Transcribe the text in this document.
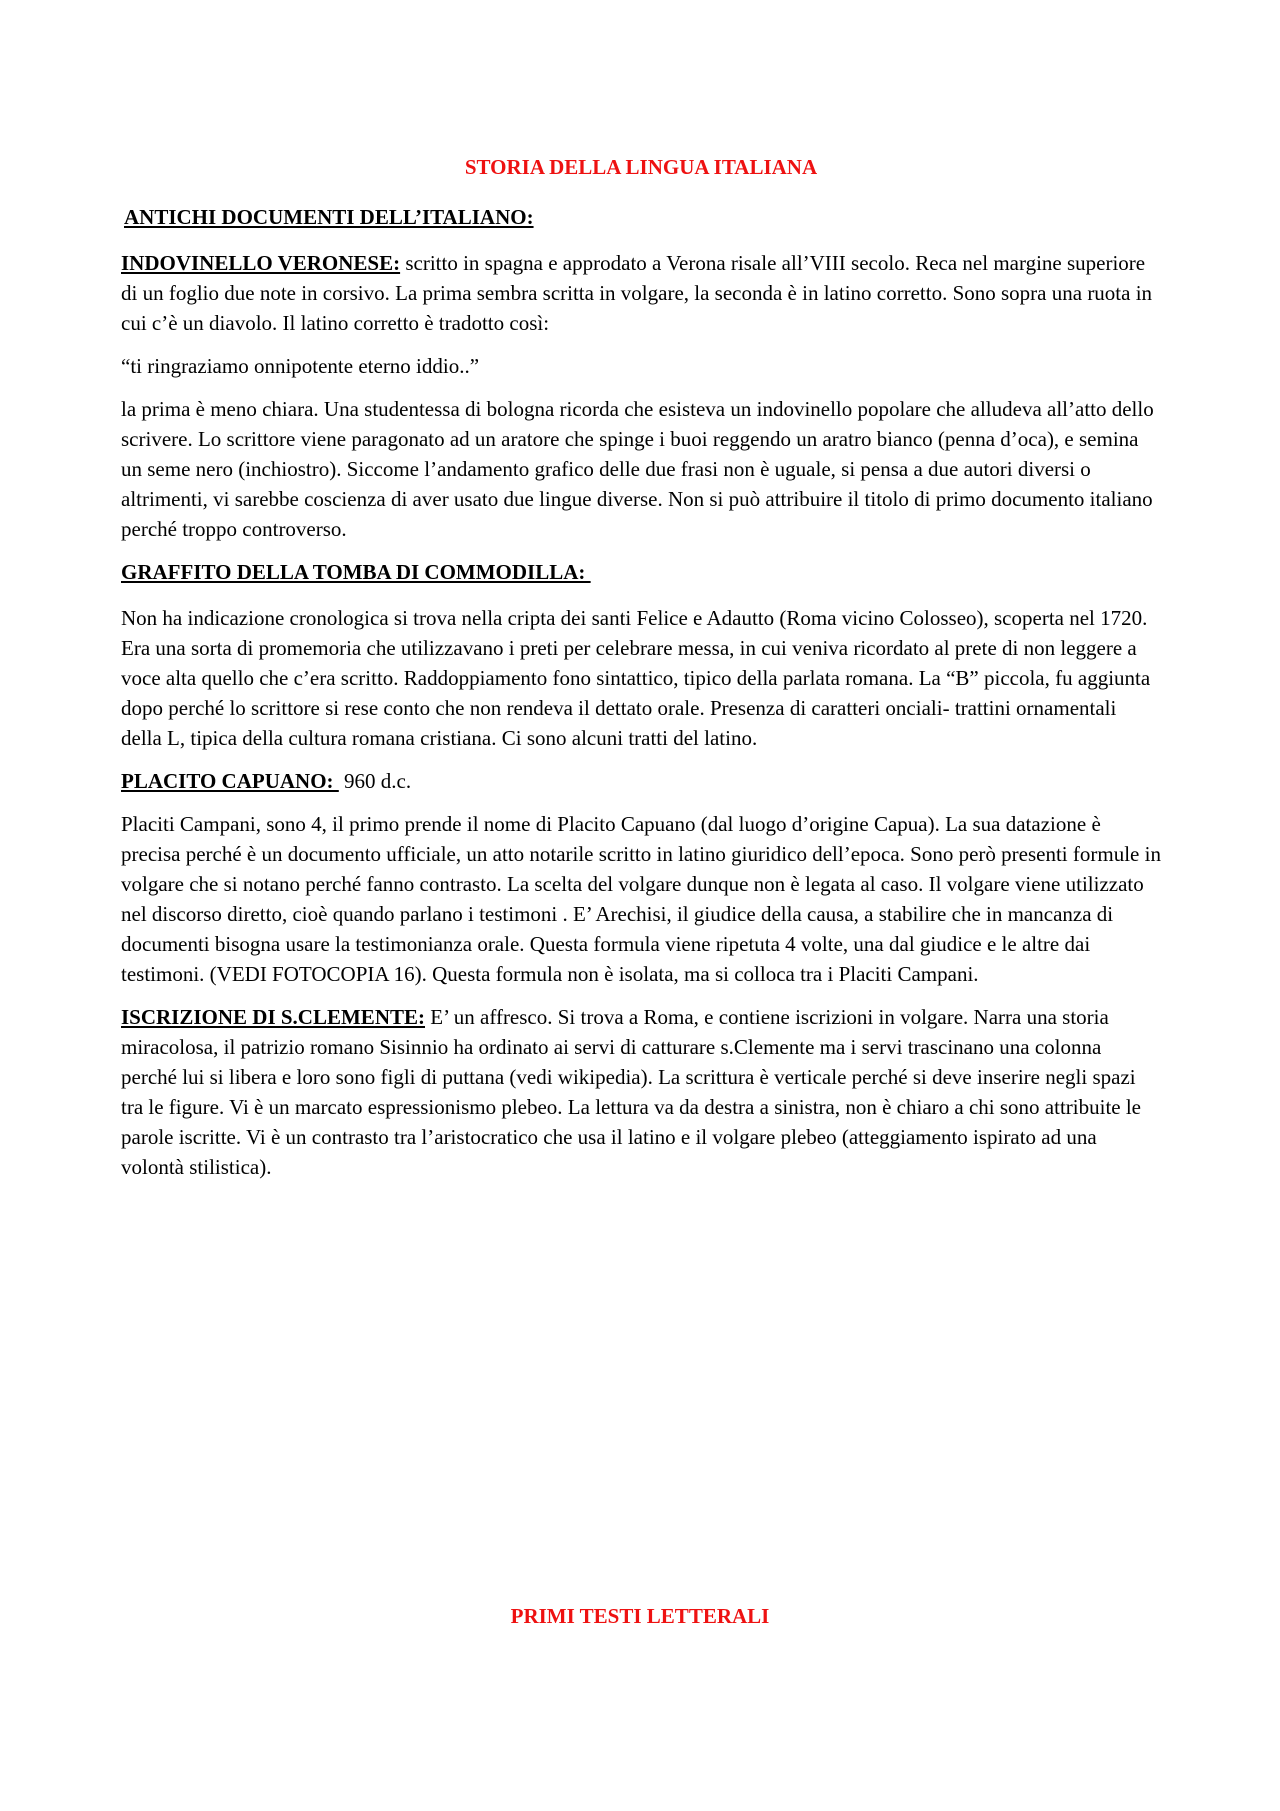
STORIA DELLA LINGUA ITALIANA
ANTICHI DOCUMENTI DELL’ITALIANO:

INDOVINELLO VERONESE: scritto in spagna e approdato a Verona risale all’VIII secolo. Reca nel margine superiore di un foglio due note in corsivo. La prima sembra scritta in volgare, la seconda è in latino corretto. Sono sopra una ruota in cui c’è un diavolo. Il latino corretto è tradotto così:

“ti ringraziamo onnipotente eterno iddio..”

la prima è meno chiara. Una studentessa di bologna ricorda che esisteva un indovinello popolare che alludeva all’atto dello scrivere. Lo scrittore viene paragonato ad un aratore che spinge i buoi reggendo un aratro bianco (penna d’oca), e semina un seme nero (inchiostro). Siccome l’andamento grafico delle due frasi non è uguale, si pensa a due autori diversi o altrimenti, vi sarebbe coscienza di aver usato due lingue diverse. Non si può attribuire il titolo di primo documento italiano perché troppo controverso.

GRAFFITO DELLA TOMBA DI COMMODILLA:

Non ha indicazione cronologica si trova nella cripta dei santi Felice e Adautto (Roma vicino Colosseo), scoperta nel 1720. Era una sorta di promemoria che utilizzavano i preti per celebrare messa, in cui veniva ricordato al prete di non leggere a voce alta quello che c’era scritto. Raddoppiamento fono sintattico, tipico della parlata romana. La “B” piccola, fu aggiunta dopo perché lo scrittore si rese conto che non rendeva il dettato orale. Presenza di caratteri onciali- trattini ornamentali della L, tipica della cultura romana cristiana. Ci sono alcuni tratti del latino.

PLACITO CAPUANO:  960 d.c.

Placiti Campani, sono 4, il primo prende il nome di Placito Capuano (dal luogo d’origine Capua). La sua datazione è precisa perché è un documento ufficiale, un atto notarile scritto in latino giuridico dell’epoca. Sono però presenti formule in volgare che si notano perché fanno contrasto. La scelta del volgare dunque non è legata al caso. Il volgare viene utilizzato nel discorso diretto, cioè quando parlano i testimoni . E’ Arechisi, il giudice della causa, a stabilire che in mancanza di documenti bisogna usare la testimonianza orale. Questa formula viene ripetuta 4 volte, una dal giudice e le altre dai testimoni. (VEDI FOTOCOPIA 16). Questa formula non è isolata, ma si colloca tra i Placiti Campani.

ISCRIZIONE DI S.CLEMENTE: E’ un affresco. Si trova a Roma, e contiene iscrizioni in volgare. Narra una storia miracolosa, il patrizio romano Sisinnio ha ordinato ai servi di catturare s.Clemente ma i servi trascinano una colonna perché lui si libera e loro sono figli di puttana (vedi wikipedia). La scrittura è verticale perché si deve inserire negli spazi tra le figure. Vi è un marcato espressionismo plebeo. La lettura va da destra a sinistra, non è chiaro a chi sono attribuite le parole iscritte. Vi è un contrasto tra l’aristocratico che usa il latino e il volgare plebeo (atteggiamento ispirato ad una volontà stilistica).

PRIMI TESTI LETTERALI
